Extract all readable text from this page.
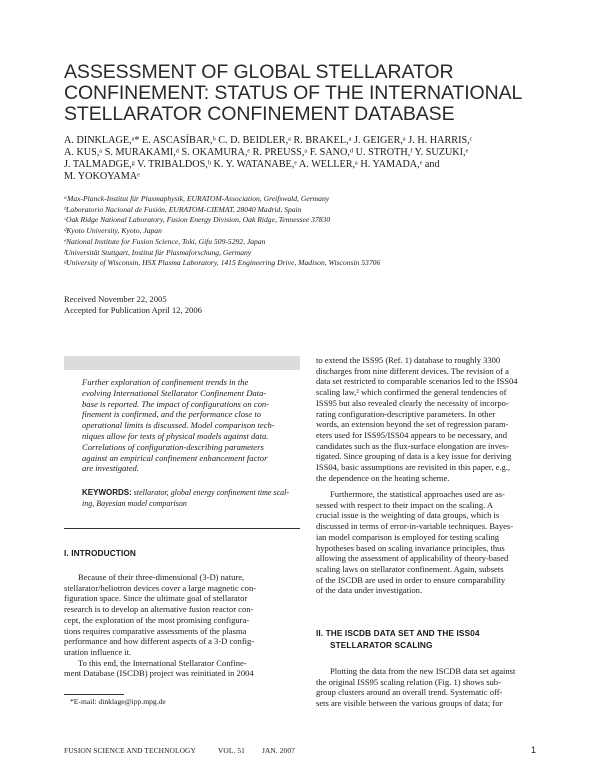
ASSESSMENT OF GLOBAL STELLARATOR
CONFINEMENT: STATUS OF THE INTERNATIONAL
STELLARATOR CONFINEMENT DATABASE
A. DINKLAGE,ᵃ* E. ASCASÍBAR,ᵇ C. D. BEIDLER,ᵃ R. BRAKEL,ᵃ J. GEIGER,ᵃ J. H. HARRIS,ᶜ
A. KUS,ᵃ S. MURAKAMI,ᵈ S. OKAMURA,ᵉ R. PREUSS,ᵃ F. SANO,ᵈ U. STROTH,ᶠ Y. SUZUKI,ᵉ
J. TALMADGE,ᵍ V. TRIBALDOS,ᵇ K. Y. WATANABE,ᵉ A. WELLER,ᵃ H. YAMADA,ᵉ and
M. YOKOYAMAᵉ
ᵃMax-Planck-Institut für Plasmaphysik, EURATOM-Association, Greifswald, Germany
ᵇLaboratorio Nacional de Fusión, EURATOM-CIEMAT, 28040 Madrid, Spain
ᶜOak Ridge National Laboratory, Fusion Energy Division, Oak Ridge, Tennessee 37830
ᵈKyoto University, Kyoto, Japan
ᵉNational Institute for Fusion Science, Toki, Gifu 509-5292, Japan
ᶠUniversität Stuttgart, Institut für Plasmaforschung, Germany
ᵍUniversity of Wisconsin, HSX Plasma Laboratory, 1415 Engineering Drive, Madison, Wisconsin 53706
Received November 22, 2005
Accepted for Publication April 12, 2006
Further exploration of confinement trends in the
evolving International Stellarator Confinement Data-
base is reported. The impact of configurations on con-
finement is confirmed, and the performance close to
operational limits is discussed. Model comparison tech-
niques allow for tests of physical models against data.
Correlations of configuration-describing parameters
against an empirical confinement enhancement factor
are investigated.
KEYWORDS: stellarator, global energy confinement time scal-
ing, Bayesian model comparison
I. INTRODUCTION
Because of their three-dimensional (3-D) nature,
stellarator/heliotron devices cover a large magnetic con-
figuration space. Since the ultimate goal of stellarator
research is to develop an alternative fusion reactor con-
cept, the exploration of the most promising configura-
tions requires comparative assessments of the plasma
performance and how different aspects of a 3-D config-
uration influence it.
To this end, the International Stellarator Confine-
ment Database (ISCDB) project was reinitiated in 2004
*E-mail: dinklage@ipp.mpg.de
to extend the ISS95 (Ref. 1) database to roughly 3300
discharges from nine different devices. The revision of a
data set restricted to comparable scenarios led to the ISS04
scaling law,² which confirmed the general tendencies of
ISS95 but also revealed clearly the necessity of incorpo-
rating configuration-descriptive parameters. In other
words, an extension beyond the set of regression param-
eters used for ISS95/ISS04 appears to be necessary, and
candidates such as the flux-surface elongation are inves-
tigated. Since grouping of data is a key issue for deriving
ISS04, basic assumptions are revisited in this paper, e.g.,
the dependence on the heating scheme.
Furthermore, the statistical approaches used are as-
sessed with respect to their impact on the scaling. A
crucial issue is the weighting of data groups, which is
discussed in terms of error-in-variable techniques. Bayes-
ian model comparison is employed for testing scaling
hypotheses based on scaling invariance principles, thus
allowing the assessment of applicability of theory-based
scaling laws on stellarator confinement. Again, subsets
of the ISCDB are used in order to ensure comparability
of the data under investigation.
II. THE ISCDB DATA SET AND THE ISS04
STELLARATOR SCALING
Plotting the data from the new ISCDB data set against
the original ISS95 scaling relation (Fig. 1) shows sub-
group clusters around an overall trend. Systematic off-
sets are visible between the various groups of data; for
FUSION SCIENCE AND TECHNOLOGY	VOL. 51 JAN. 2007	1
